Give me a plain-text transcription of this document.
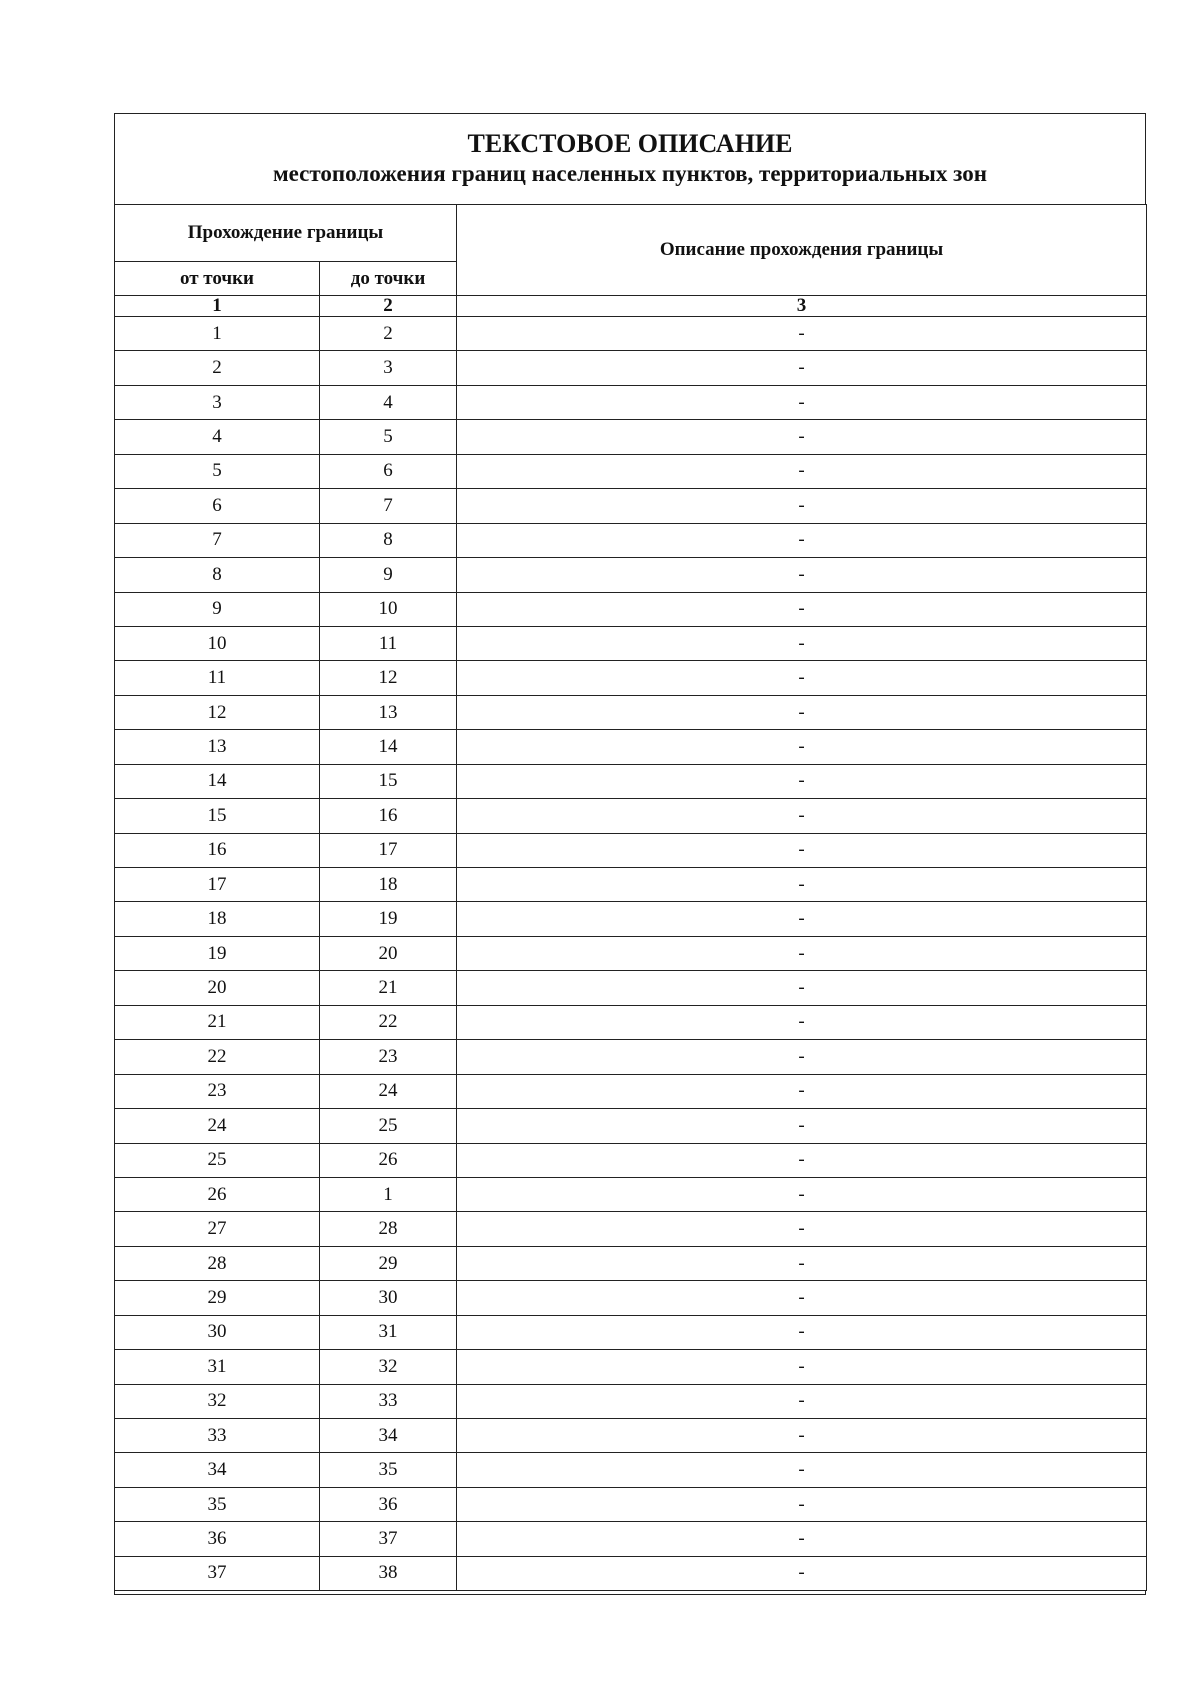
ТЕКСТОВОЕ ОПИСАНИЕ
местоположения границ населенных пунктов, территориальных зон
Прохождение границы		Описание прохождения границы
от точки	до точки	
1	2	3
1	2	-
2	3	-
3	4	-
4	5	-
5	6	-
6	7	-
7	8	-
8	9	-
9	10	-
10	11	-
11	12	-
12	13	-
13	14	-
14	15	-
15	16	-
16	17	-
17	18	-
18	19	-
19	20	-
20	21	-
21	22	-
22	23	-
23	24	-
24	25	-
25	26	-
26	1	-
27	28	-
28	29	-
29	30	-
30	31	-
31	32	-
32	33	-
33	34	-
34	35	-
35	36	-
36	37	-
37	38	-
